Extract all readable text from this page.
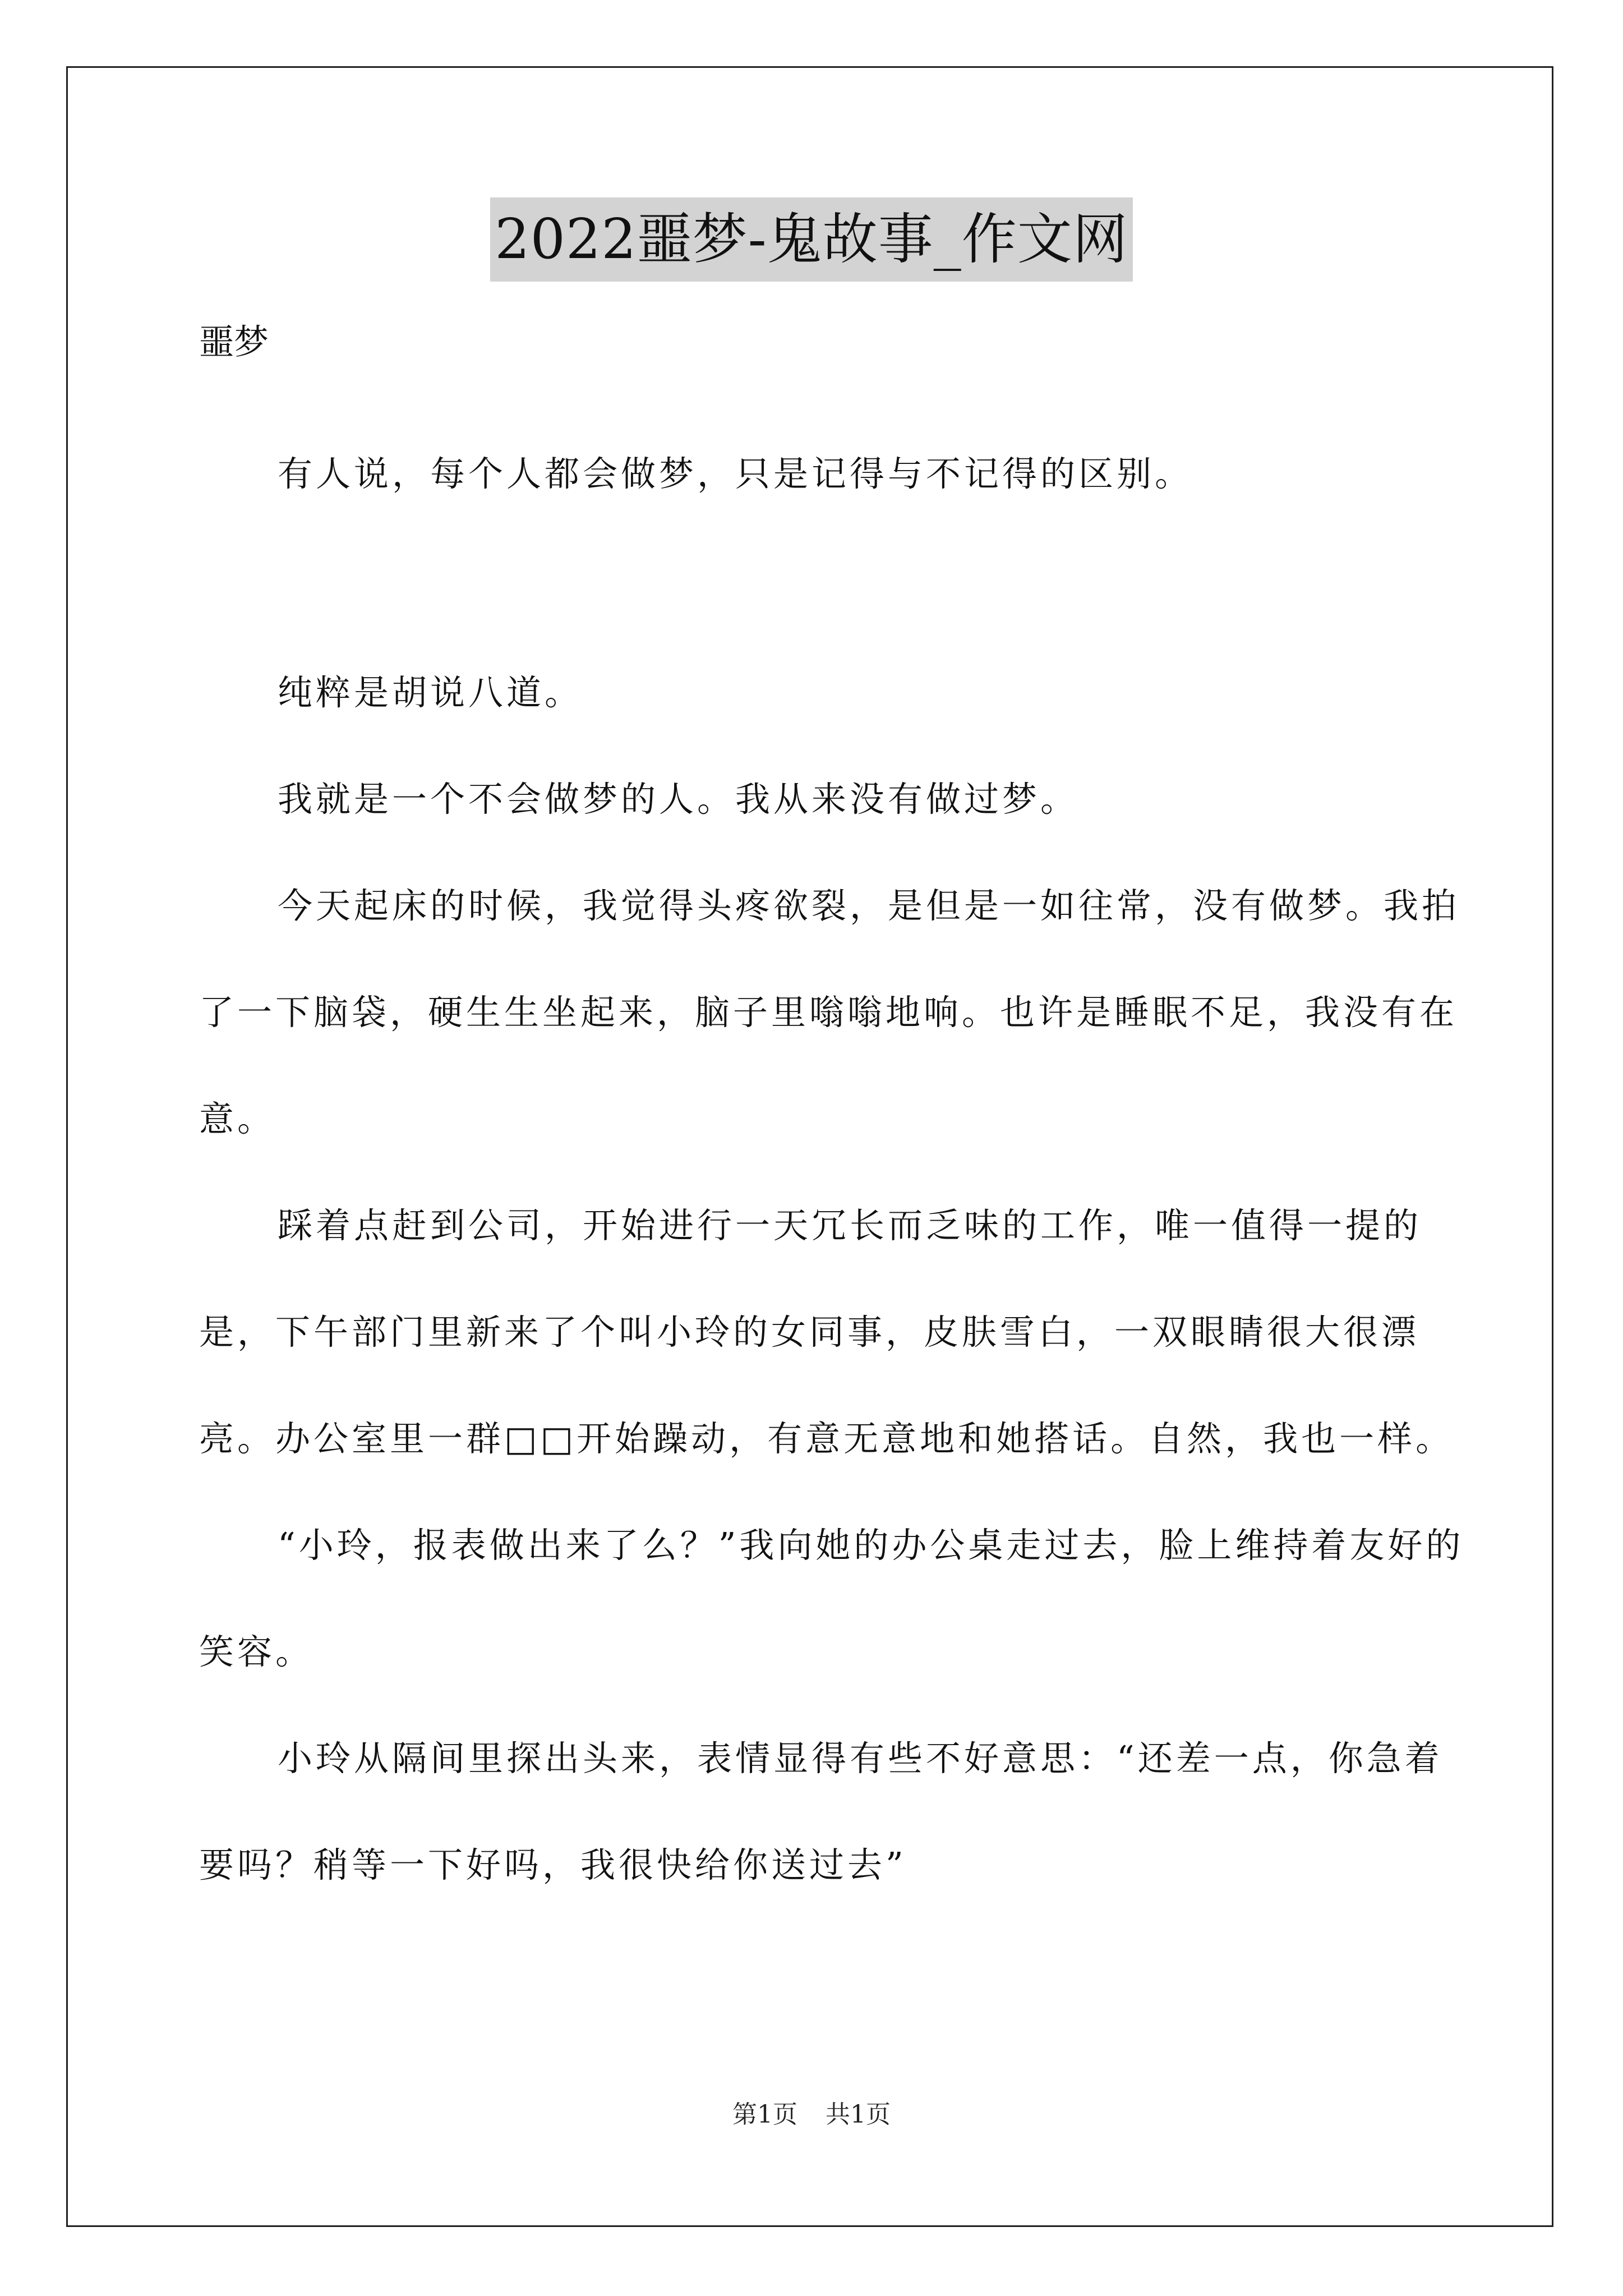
2022噩梦-鬼故事_作文网

噩梦

有人说，每个人都会做梦，只是记得与不记得的区别。

纯粹是胡说八道。

我就是一个不会做梦的人。我从来没有做过梦。

今天起床的时候，我觉得头疼欲裂，是但是一如往常，没有做梦。我拍了一下脑袋，硬生生坐起来，脑子里嗡嗡地响。也许是睡眠不足，我没有在意。

踩着点赶到公司，开始进行一天冗长而乏味的工作，唯一值得一提的是，下午部门里新来了个叫小玲的女同事，皮肤雪白，一双眼睛很大很漂亮。办公室里一群□□开始躁动，有意无意地和她搭话。自然，我也一样。

“小玲，报表做出来了么？”我向她的办公桌走过去，脸上维持着友好的笑容。

小玲从隔间里探出头来，表情显得有些不好意思：“还差一点，你急着要吗？稍等一下好吗，我很快给你送过去”

第1页 共1页
